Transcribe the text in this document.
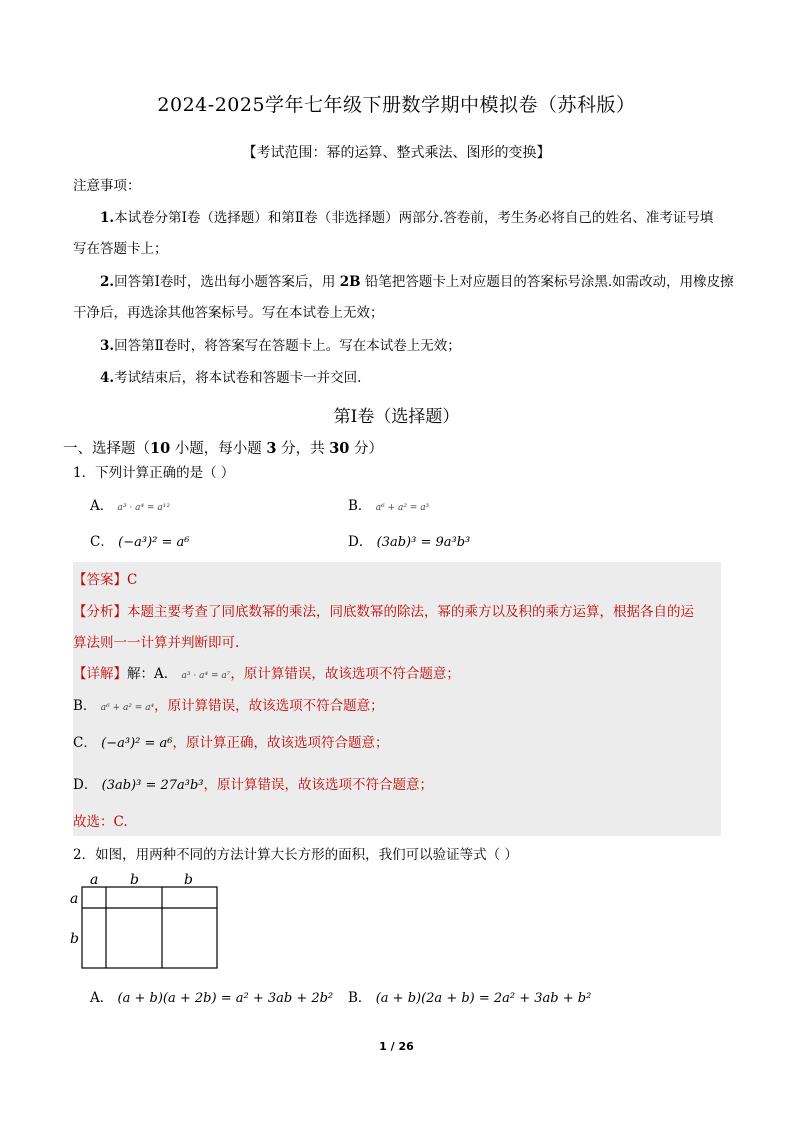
2024-2025学年七年级下册数学期中模拟卷（苏科版）
【考试范围：幂的运算、整式乘法、图形的变换】
注意事项：
1.本试卷分第Ⅰ卷（选择题）和第Ⅱ卷（非选择题）两部分.答卷前，考生务必将自己的姓名、准考证号填
写在答题卡上；
2.回答第Ⅰ卷时，选出每小题答案后，用 2B 铅笔把答题卡上对应题目的答案标号涂黑.如需改动，用橡皮擦
干净后，再选涂其他答案标号。写在本试卷上无效；
3.回答第Ⅱ卷时，将答案写在答题卡上。写在本试卷上无效；
4.考试结束后，将本试卷和答题卡一并交回.
第Ⅰ卷（选择题）
一、选择题（10 小题，每小题 3 分，共 30 分）
1．下列计算正确的是（ ）
A． a³ · a⁴ = a¹²	B． a⁶ + a² = a³
C． (−a³)² = a⁶	D． (3ab)³ = 9a³b³
【答案】C
【分析】本题主要考查了同底数幂的乘法，同底数幂的除法，幂的乘方以及积的乘方运算，根据各自的运
算法则一一计算并判断即可.
【详解】解：A． a³ · a⁴ = a⁷，原计算错误，故该选项不符合题意；
B． a⁶ + a² = a⁴，原计算错误，故该选项不符合题意；
C． (−a³)² = a⁶，原计算正确，故该选项符合题意；
D． (3ab)³ = 27a³b³，原计算错误，故该选项不符合题意；
故选：C.
2．如图，用两种不同的方法计算大长方形的面积，我们可以验证等式（ ）
a b	b
a
b
A． (a + b)(a + 2b) = a² + 3ab + 2b² B． (a + b)(2a + b) = 2a² + 3ab + b²
1 / 26
